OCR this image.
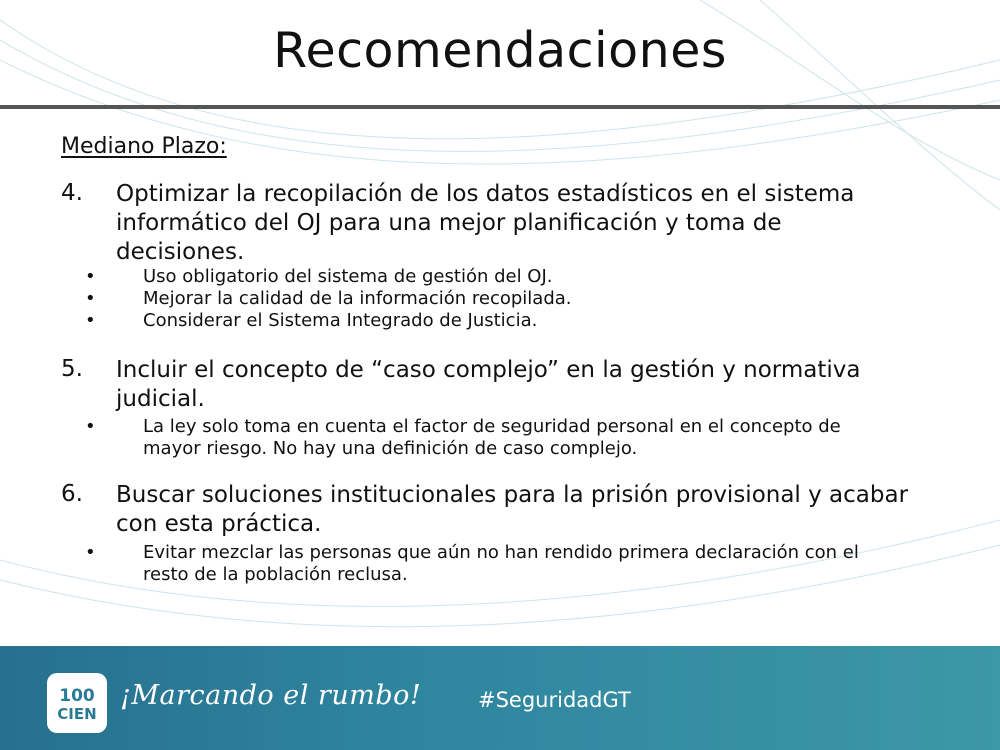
Recomendaciones
Mediano Plazo:
4. Optimizar la recopilación de los datos estadísticos en el sistema
informático del OJ para una mejor planificación y toma de
decisiones.

•	Uso obligatorio del sistema de gestión del OJ.

•	Mejorar la calidad de la información recopilada.

•	Considerar el Sistema Integrado de Justicia.

5. Incluir el concepto de “caso complejo” en la gestión y normativa
judicial.

•	La ley solo toma en cuenta el factor de seguridad personal en el concepto de mayor riesgo. No hay una definición de caso complejo.

6. Buscar soluciones institucionales para la prisión provisional y acabar
con esta práctica.

•	Evitar mezclar las personas que aún no han rendido primera declaración con el resto de la población reclusa.

100
CIEN
¡Marcando el rumbo!	#SeguridadGT
